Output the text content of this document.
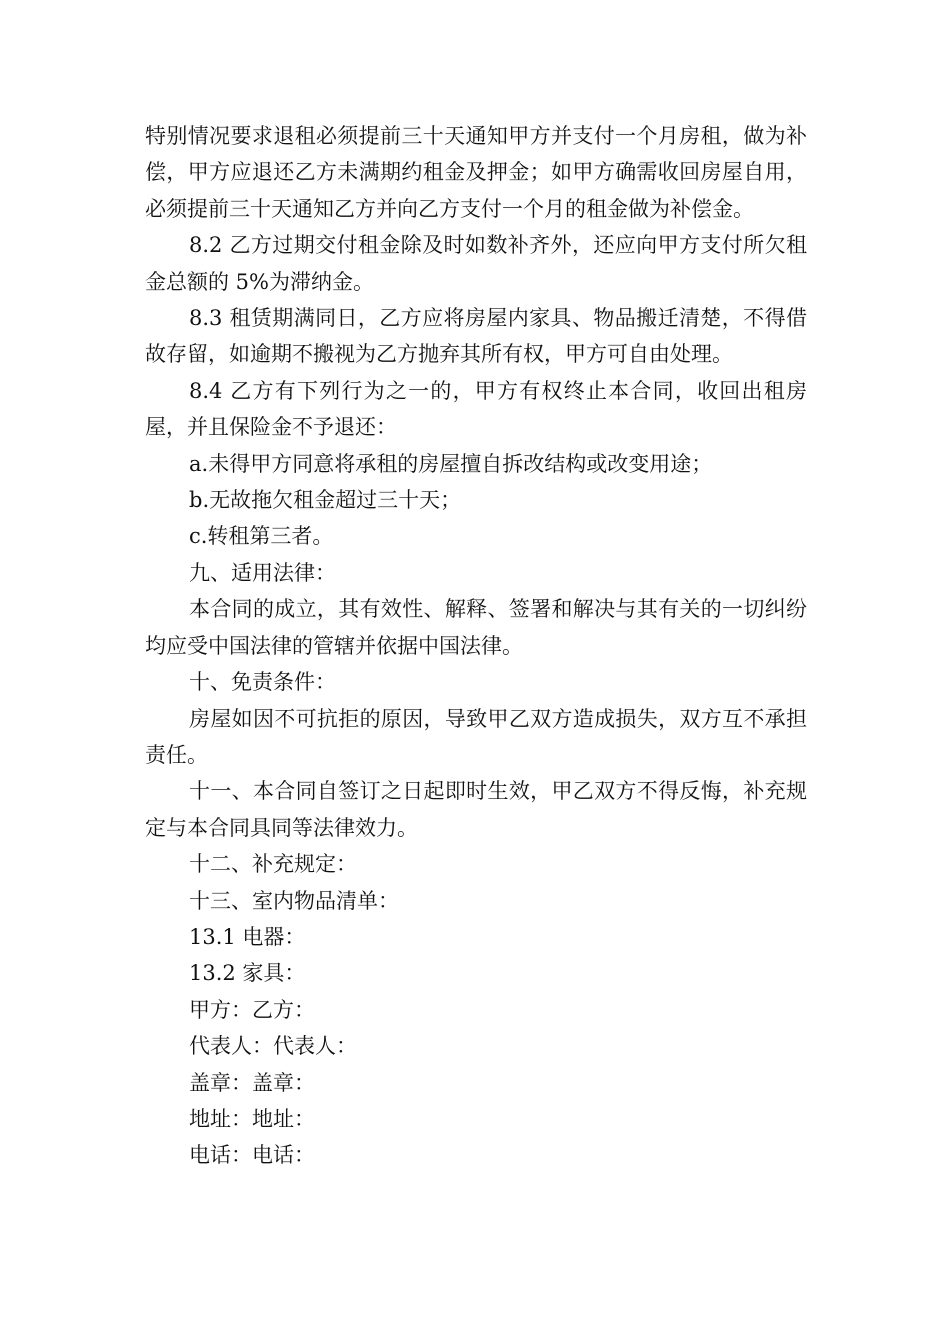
特别情况要求退租必须提前三十天通知甲方并支付一个月房租，做为补偿，甲方应退还乙方未满期约租金及押金；如甲方确需收回房屋自用，必须提前三十天通知乙方并向乙方支付一个月的租金做为补偿金。

8.2 乙方过期交付租金除及时如数补齐外，还应向甲方支付所欠租金总额的 5%为滞纳金。

8.3 租赁期满同日，乙方应将房屋内家具、物品搬迁清楚，不得借故存留，如逾期不搬视为乙方抛弃其所有权，甲方可自由处理。

8.4 乙方有下列行为之一的，甲方有权终止本合同，收回出租房屋，并且保险金不予退还：

a.未得甲方同意将承租的房屋擅自拆改结构或改变用途；

b.无故拖欠租金超过三十天；

c.转租第三者。

九、适用法律：

本合同的成立，其有效性、解释、签署和解决与其有关的一切纠纷均应受中国法律的管辖并依据中国法律。

十、免责条件：

房屋如因不可抗拒的原因，导致甲乙双方造成损失，双方互不承担责任。

十一、本合同自签订之日起即时生效，甲乙双方不得反悔，补充规定与本合同具同等法律效力。

十二、补充规定：

十三、室内物品清单：

13.1 电器：

13.2 家具：

甲方：乙方：

代表人：代表人：

盖章：盖章：

地址：地址：

电话：电话：
